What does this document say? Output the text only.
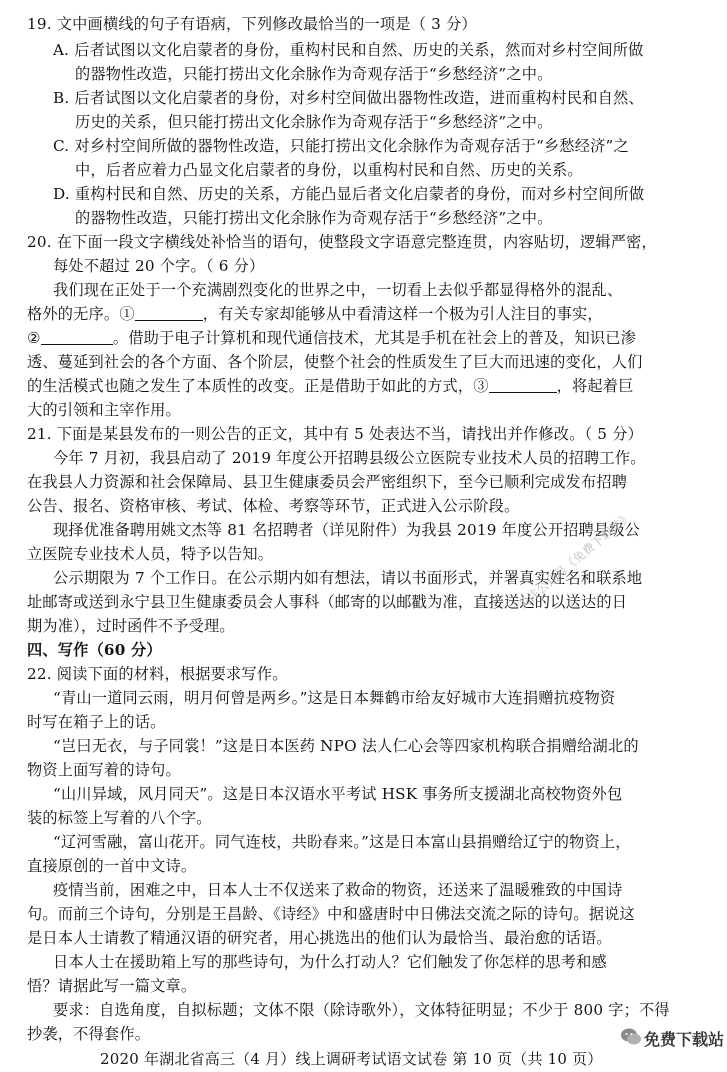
19. 文中画横线的句子有语病，下列修改最恰当的一项是（ 3 分）
A. 后者试图以文化启蒙者的身份，重构村民和自然、历史的关系，然而对乡村空间所做
的器物性改造，只能打捞出文化余脉作为奇观存活于“乡愁经济”之中。
B. 后者试图以文化启蒙者的身份，对乡村空间做出器物性改造，进而重构村民和自然、
历史的关系，但只能打捞出文化余脉作为奇观存活于“乡愁经济”之中。
C. 对乡村空间所做的器物性改造，只能打捞出文化余脉作为奇观存活于“乡愁经济”之
中，后者应着力凸显文化启蒙者的身份，以重构村民和自然、历史的关系。
D. 重构村民和自然、历史的关系，方能凸显后者文化启蒙者的身份，而对乡村空间所做
的器物性改造，只能打捞出文化余脉作为奇观存活于“乡愁经济”之中。
20. 在下面一段文字横线处补恰当的语句，使整段文字语意完整连贯，内容贴切，逻辑严密，
每处不超过 20 个字。（ 6 分）
我们现在正处于一个充满剧烈变化的世界之中，一切看上去似乎都显得格外的混乱、
格外的无序。①	，有关专家却能够从中看清这样一个极为引人注目的事实，
②	。借助于电子计算机和现代通信技术，尤其是手机在社会上的普及，知识已渗
透、蔓延到社会的各个方面、各个阶层，使整个社会的性质发生了巨大而迅速的变化，人们
的生活模式也随之发生了本质性的改变。正是借助于如此的方式，③	，将起着巨
大的引领和主宰作用。
21. 下面是某县发布的一则公告的正文，其中有 5 处表达不当，请找出并作修改。（ 5 分）
今年 7 月初，我县启动了 2019 年度公开招聘县级公立医院专业技术人员的招聘工作。
在我县人力资源和社会保障局、县卫生健康委员会严密组织下，至今已顺利完成发布招聘
公告、报名、资格审核、考试、体检、考察等环节，正式进入公示阶段。
现择优准备聘用姚文杰等 81 名招聘者（详见附件）为我县 2019 年度公开招聘县级公
立医院专业技术人员，特予以告知。
公示期限为 7 个工作日。在公示期内如有想法，请以书面形式，并署真实姓名和联系地
址邮寄或送到永宁县卫生健康委员会人事科（邮寄的以邮戳为准，直接送达的以送达的日
期为准），过时函件不予受理。
四、写作（60 分）
22. 阅读下面的材料，根据要求写作。
“青山一道同云雨，明月何曾是两乡。”这是日本舞鹤市给友好城市大连捐赠抗疫物资
时写在箱子上的话。
“岂曰无衣，与子同裳！”这是日本医药 NPO 法人仁心会等四家机构联合捐赠给湖北的
物资上面写着的诗句。
“山川异域，风月同天”。这是日本汉语水平考试 HSK 事务所支援湖北高校物资外包
装的标签上写着的八个字。
“辽河雪融，富山花开。同气连枝，共盼春来。”这是日本富山县捐赠给辽宁的物资上，
直接原创的一首中文诗。
疫情当前，困难之中，日本人士不仅送来了救命的物资，还送来了温暖雅致的中国诗
句。而前三个诗句，分别是王昌龄、《诗经》中和盛唐时中日佛法交流之际的诗句。据说这
是日本人士请教了精通汉语的研究者，用心挑选出的他们认为最恰当、最治愈的话语。
日本人士在援助箱上写的那些诗句，为什么打动人？它们触发了你怎样的思考和感
悟？请据此写一篇文章。
要求：自选角度，自拟标题；文体不限（除诗歌外），文体特征明显；不少于 800 字；不得
抄袭，不得套作。
2020 年湖北省高三（4 月）线上调研考试语文试卷 第 10 页（共 10 页）
关注公众号《免费下载站》
免费下载站
